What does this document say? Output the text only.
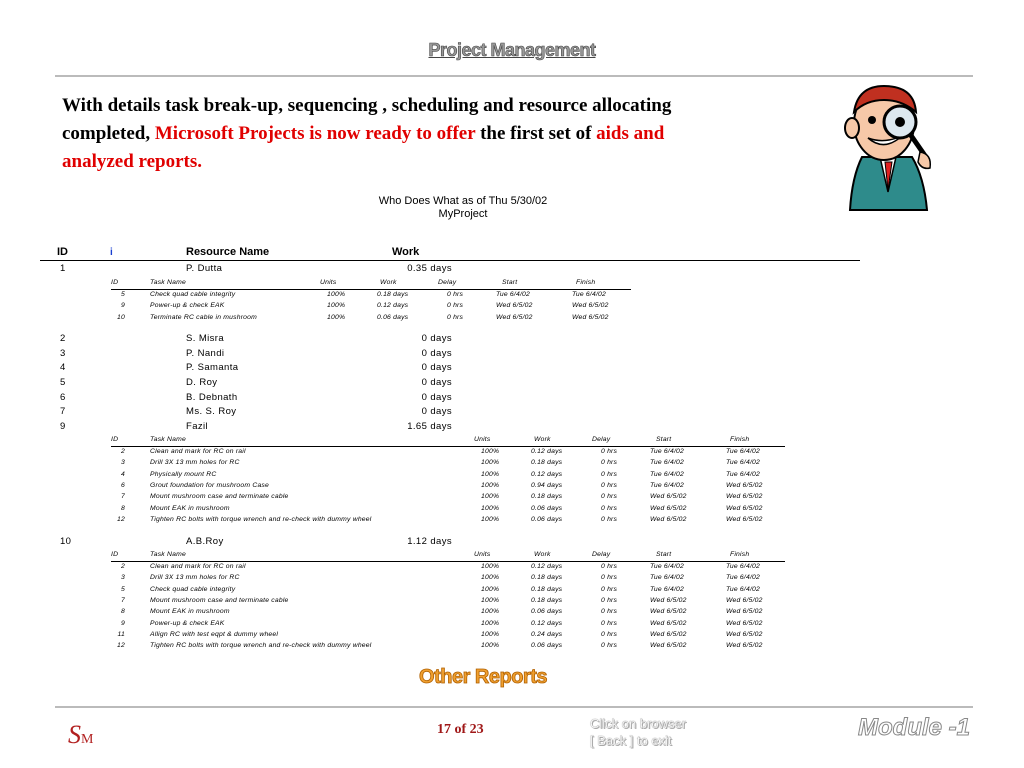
Project Management
With details task break-up, sequencing , scheduling and resource allocating completed, Microsoft Projects is now ready to offer the first set of aids and analyzed reports.
Who Does What as of Thu 5/30/02
MyProject
ID	i	Resource Name	Work
1	P. Dutta	0.35 days
ID	Task Name	Units	Work	Delay	Start	Finish
5	Check quad cable integrity	100%	0.18 days	0 hrs	Tue 6/4/02	Tue 6/4/02
9	Power-up & check EAK	100%	0.12 days	0 hrs	Wed 6/5/02	Wed 6/5/02
10	Terminate RC cable in mushroom	100%	0.06 days	0 hrs	Wed 6/5/02	Wed 6/5/02
2	S. Misra	0 days
3	P. Nandi	0 days
4	P. Samanta	0 days
5	D. Roy	0 days
6	B. Debnath	0 days
7	Ms. S. Roy	0 days
9	Fazil	1.65 days
ID	Task Name	Units	Work	Delay	Start	Finish
2	Clean and mark for RC on rail	100%	0.12 days	0 hrs	Tue 6/4/02	Tue 6/4/02
3	Drill 3X 13 mm holes for RC	100%	0.18 days	0 hrs	Tue 6/4/02	Tue 6/4/02
4	Physically mount RC	100%	0.12 days	0 hrs	Tue 6/4/02	Tue 6/4/02
6	Grout foundation for mushroom Case	100%	0.94 days	0 hrs	Tue 6/4/02	Wed 6/5/02
7	Mount mushroom case and terminate cable	100%	0.18 days	0 hrs	Wed 6/5/02	Wed 6/5/02
8	Mount EAK in mushroom	100%	0.06 days	0 hrs	Wed 6/5/02	Wed 6/5/02
12	Tighten RC bolts with torque wrench and re-check with dummy wheel	100%	0.06 days	0 hrs	Wed 6/5/02	Wed 6/5/02
10	A.B.Roy	1.12 days
ID	Task Name	Units	Work	Delay	Start	Finish
2	Clean and mark for RC on rail	100%	0.12 days	0 hrs	Tue 6/4/02	Tue 6/4/02
3	Drill 3X 13 mm holes for RC	100%	0.18 days	0 hrs	Tue 6/4/02	Tue 6/4/02
5	Check quad cable integrity	100%	0.18 days	0 hrs	Tue 6/4/02	Tue 6/4/02
7	Mount mushroom case and terminate cable	100%	0.18 days	0 hrs	Wed 6/5/02	Wed 6/5/02
8	Mount EAK in mushroom	100%	0.06 days	0 hrs	Wed 6/5/02	Wed 6/5/02
9	Power-up & check EAK	100%	0.12 days	0 hrs	Wed 6/5/02	Wed 6/5/02
11	Allign RC with test eqpt & dummy wheel	100%	0.24 days	0 hrs	Wed 6/5/02	Wed 6/5/02
12	Tighten RC bolts with torque wrench and re-check with dummy wheel	100%	0.06 days	0 hrs	Wed 6/5/02	Wed 6/5/02
Other Reports
SM
17 of 23	Click on browser
[ Back ] to exit	Module -1
